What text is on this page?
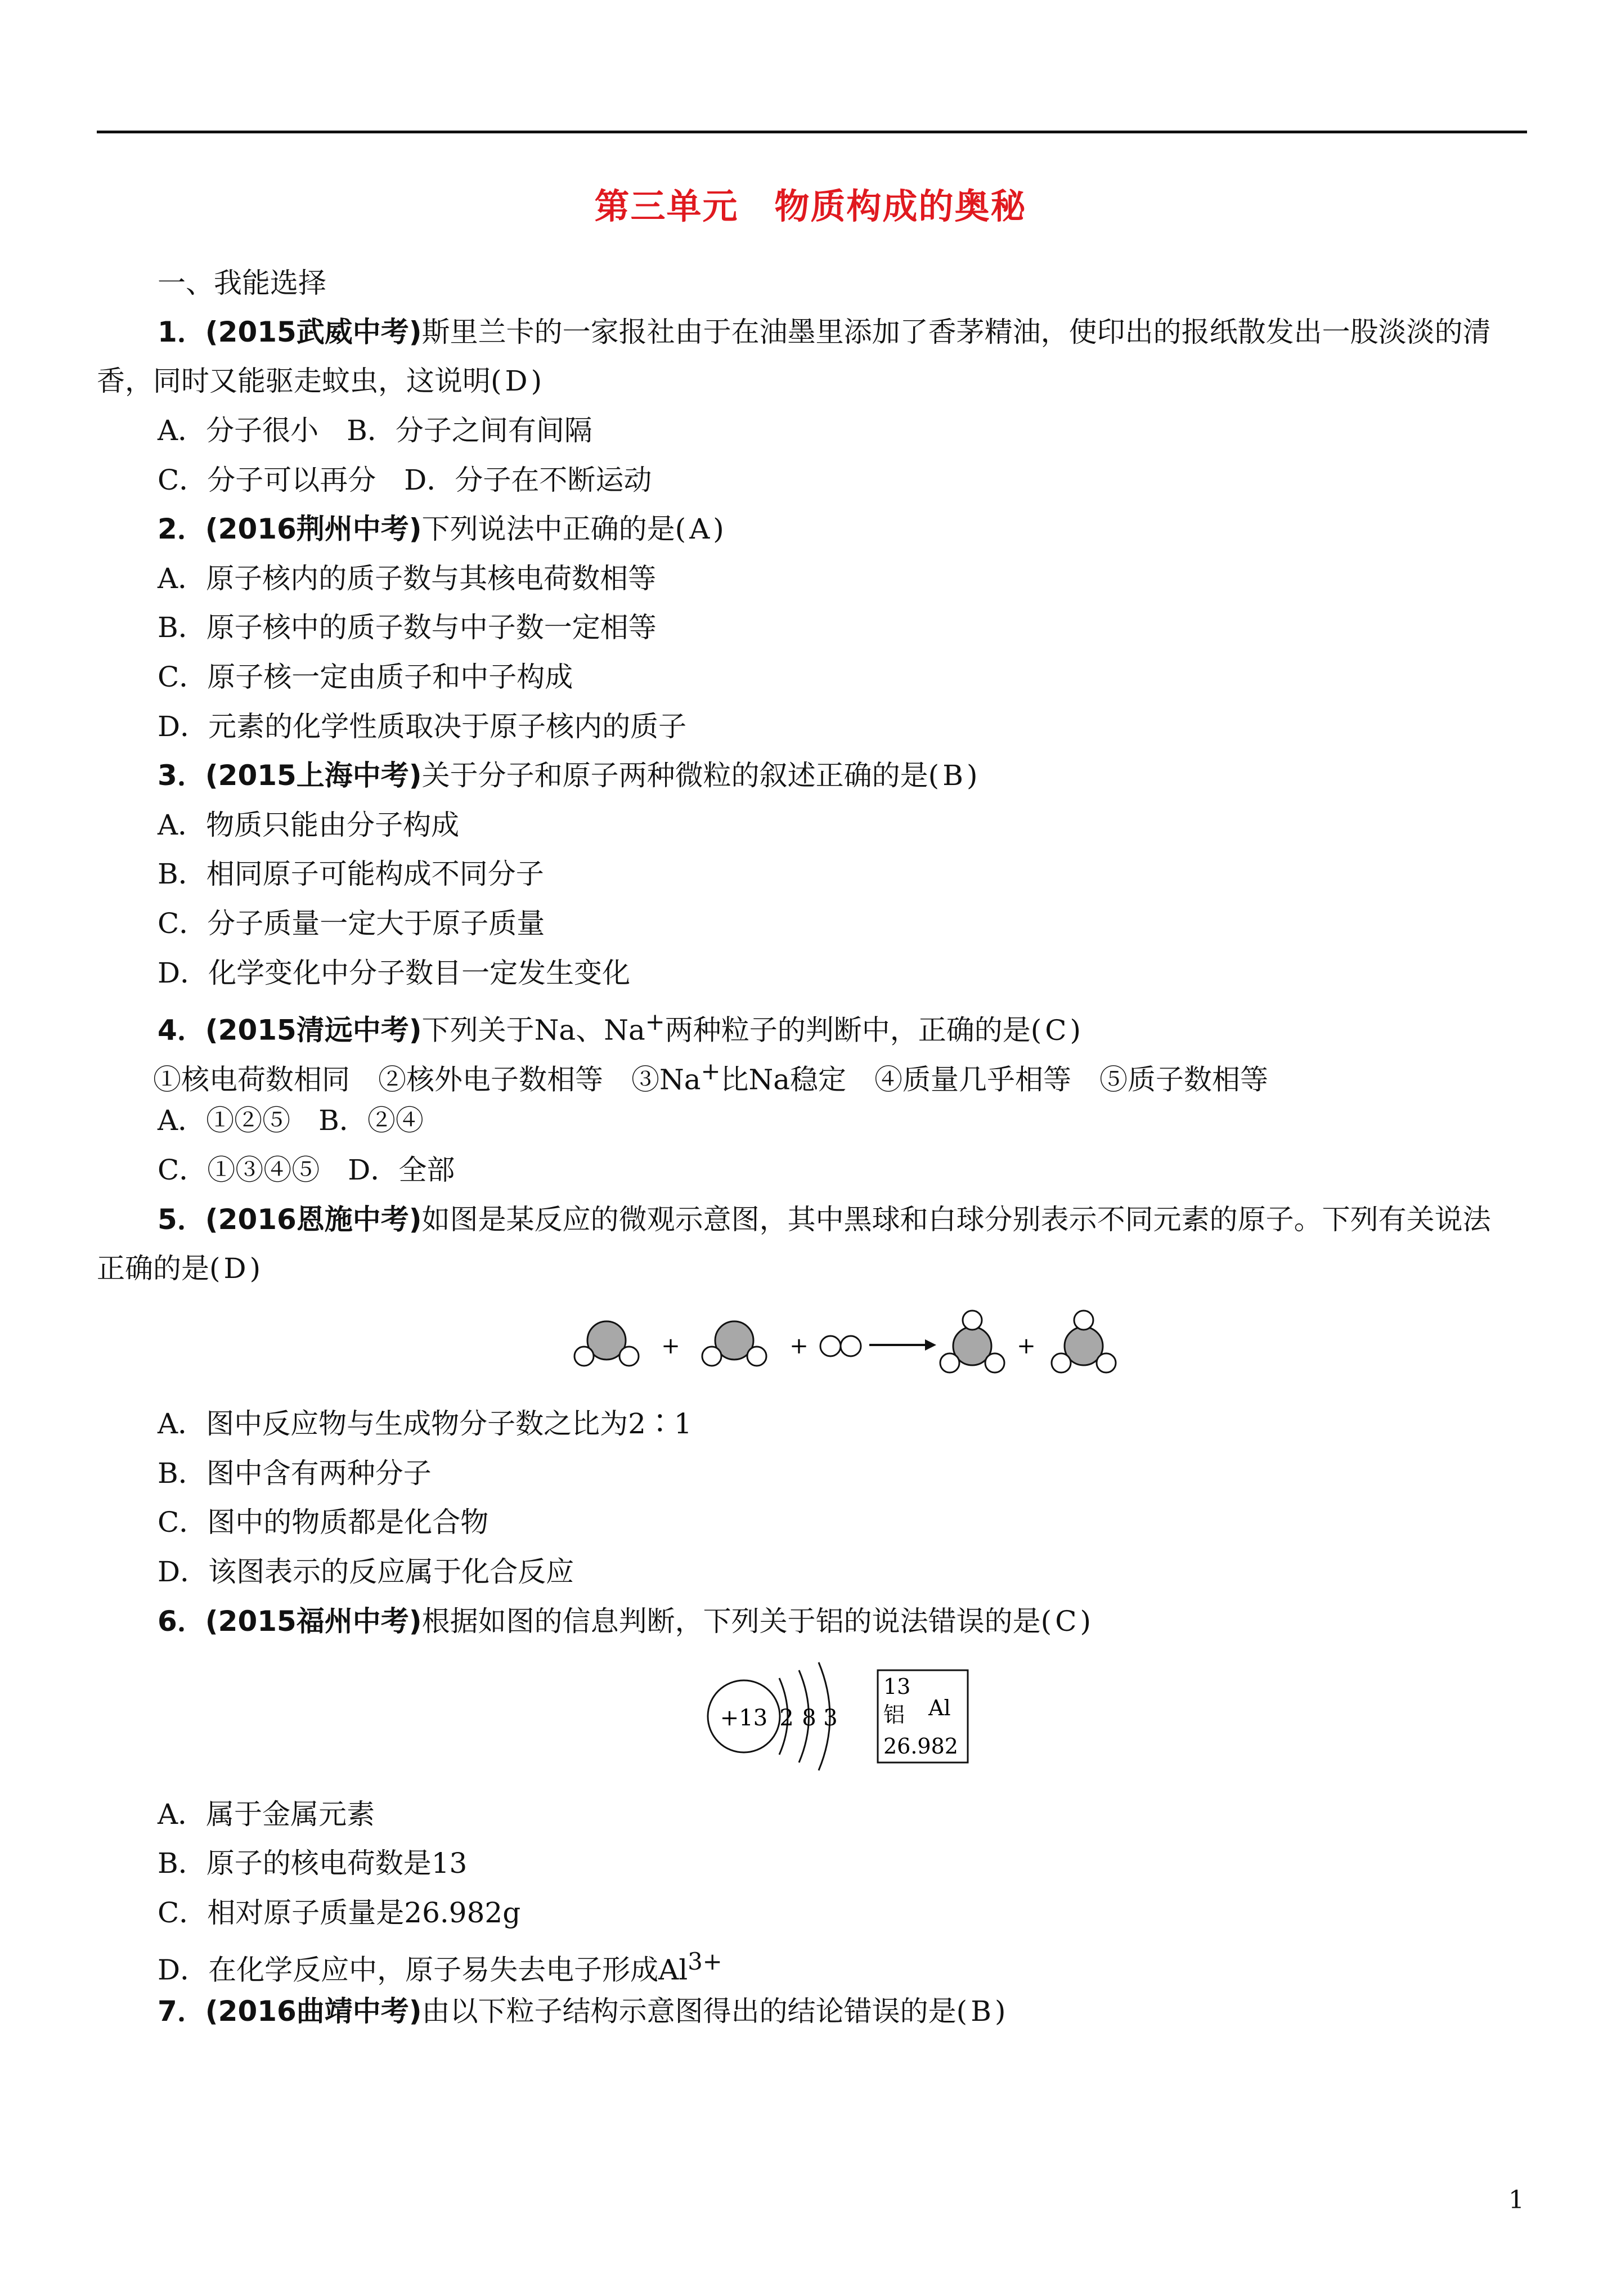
第三单元　物质构成的奥秘
一、我能选择
1．(2015武威中考)斯里兰卡的一家报社由于在油墨里添加了香茅精油，使印出的报纸散发出一股淡淡的清
香，同时又能驱走蚊虫，这说明( D )
A．分子很小　B．分子之间有间隔
C．分子可以再分　D．分子在不断运动
2．(2016荆州中考)下列说法中正确的是( A )
A．原子核内的质子数与其核电荷数相等
B．原子核中的质子数与中子数一定相等
C．原子核一定由质子和中子构成
D．元素的化学性质取决于原子核内的质子
3．(2015上海中考)关于分子和原子两种微粒的叙述正确的是( B )
A．物质只能由分子构成
B．相同原子可能构成不同分子
C．分子质量一定大于原子质量
D．化学变化中分子数目一定发生变化
4．(2015清远中考)下列关于Na、Na+两种粒子的判断中，正确的是( C )
①核电荷数相同　②核外电子数相等　③Na+比Na稳定　④质量几乎相等　⑤质子数相等
A．①②⑤　B．②④
C．①③④⑤　D．全部
5．(2016恩施中考)如图是某反应的微观示意图，其中黑球和白球分别表示不同元素的原子。下列有关说法
正确的是( D )
+	+	+
A．图中反应物与生成物分子数之比为2∶1
B．图中含有两种分子
C．图中的物质都是化合物
D．该图表示的反应属于化合反应
6．(2015福州中考)根据如图的信息判断，下列关于铝的说法错误的是( C )
+13 2 8 3
13
铝 Al
26.982
A．属于金属元素
B．原子的核电荷数是13
C．相对原子质量是26.982g
D．在化学反应中，原子易失去电子形成$Al^{3+}$
7．(2016曲靖中考)由以下粒子结构示意图得出的结论错误的是( B )
1
